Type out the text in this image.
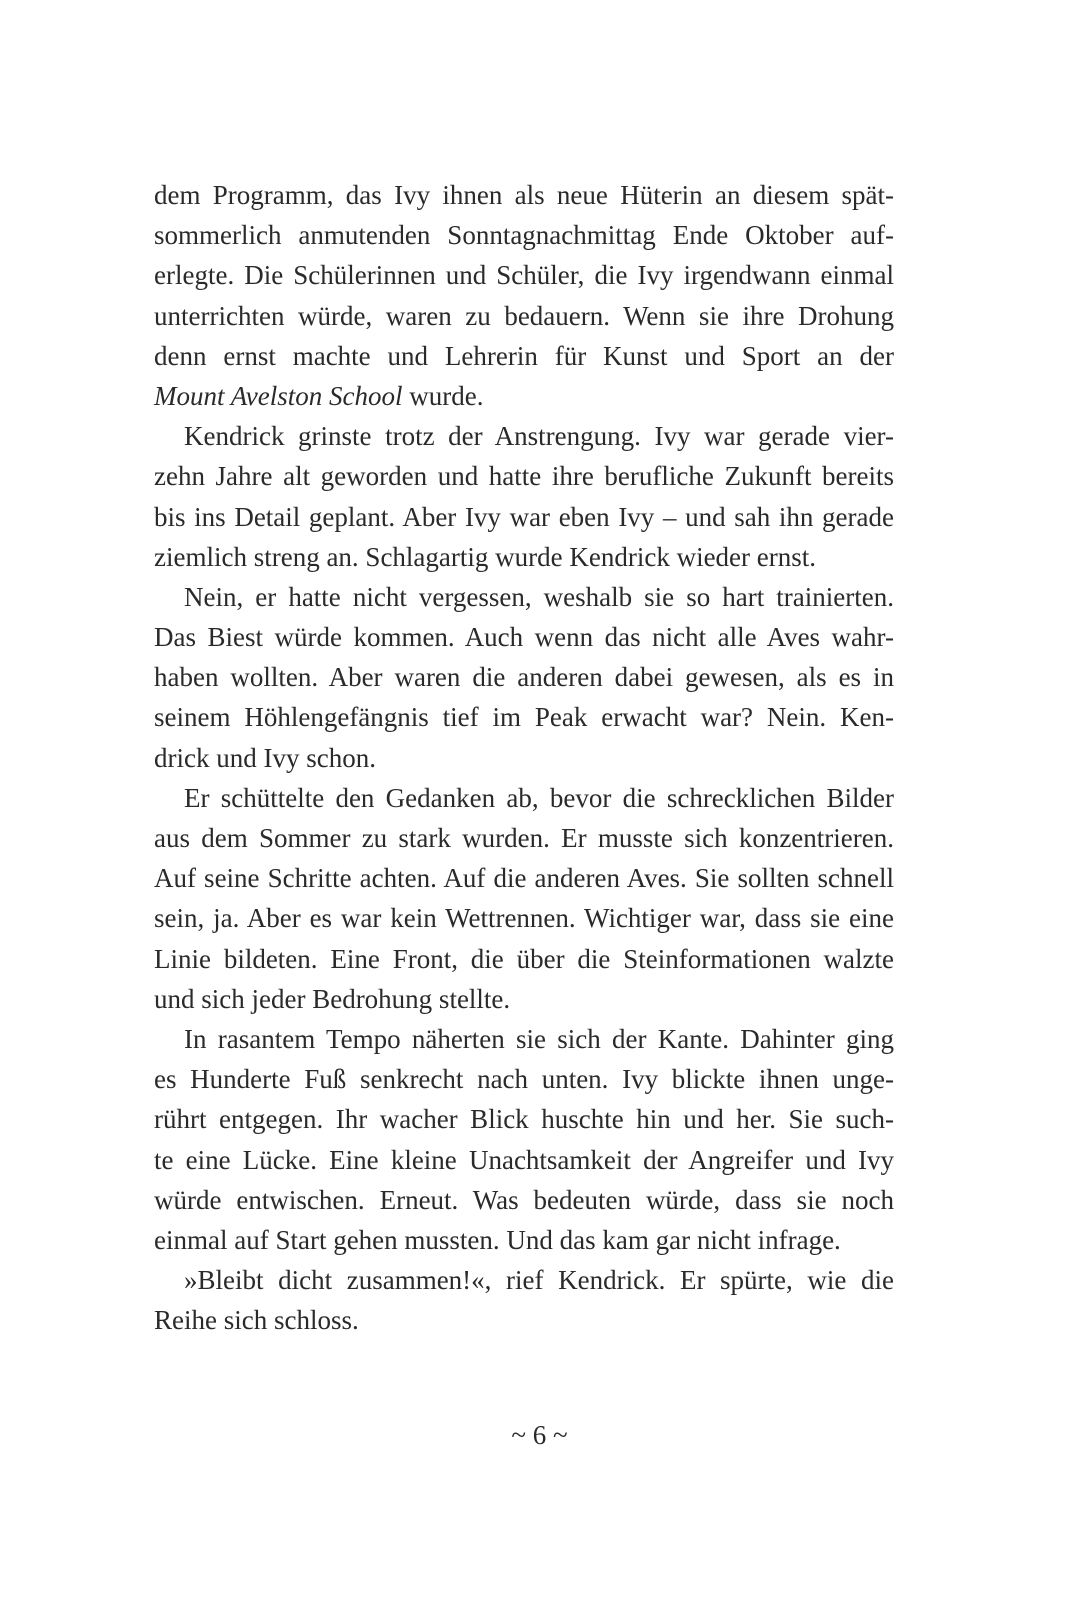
dem Programm, das Ivy ihnen als neue Hüterin an diesem spät-
sommerlich anmutenden Sonntagnachmittag Ende Oktober auf-
erlegte. Die Schülerinnen und Schüler, die Ivy irgendwann einmal
unterrichten würde, waren zu bedauern. Wenn sie ihre Drohung
denn ernst machte und Lehrerin für Kunst und Sport an der
Mount Avelston School wurde.
Kendrick grinste trotz der Anstrengung. Ivy war gerade vier-
zehn Jahre alt geworden und hatte ihre berufliche Zukunft bereits
bis ins Detail geplant. Aber Ivy war eben Ivy – und sah ihn gerade
ziemlich streng an. Schlagartig wurde Kendrick wieder ernst.
Nein, er hatte nicht vergessen, weshalb sie so hart trainierten.
Das Biest würde kommen. Auch wenn das nicht alle Aves wahr-
haben wollten. Aber waren die anderen dabei gewesen, als es in
seinem Höhlengefängnis tief im Peak erwacht war? Nein. Ken-
drick und Ivy schon.
Er schüttelte den Gedanken ab, bevor die schrecklichen Bilder
aus dem Sommer zu stark wurden. Er musste sich konzentrieren.
Auf seine Schritte achten. Auf die anderen Aves. Sie sollten schnell
sein, ja. Aber es war kein Wettrennen. Wichtiger war, dass sie eine
Linie bildeten. Eine Front, die über die Steinformationen walzte
und sich jeder Bedrohung stellte.
In rasantem Tempo näherten sie sich der Kante. Dahinter ging
es Hunderte Fuß senkrecht nach unten. Ivy blickte ihnen unge-
rührt entgegen. Ihr wacher Blick huschte hin und her. Sie such-
te eine Lücke. Eine kleine Unachtsamkeit der Angreifer und Ivy
würde entwischen. Erneut. Was bedeuten würde, dass sie noch
einmal auf Start gehen mussten. Und das kam gar nicht infrage.
»Bleibt dicht zusammen!«, rief Kendrick. Er spürte, wie die
Reihe sich schloss.
~ 6 ~
